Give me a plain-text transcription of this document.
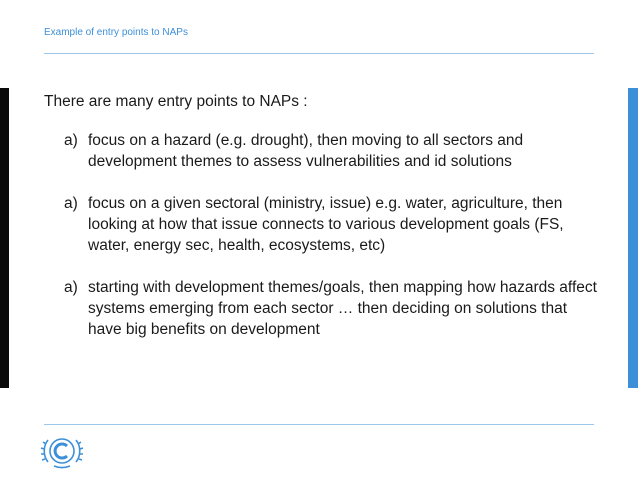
Example of entry points to NAPs

There are many entry points to NAPs :

a) focus on a hazard (e.g. drought), then moving to all sectors and development themes to assess vulnerabilities and id solutions
a) focus on a given sectoral (ministry, issue) e.g. water, agriculture, then looking at how that issue connects to various development goals (FS, water, energy sec, health, ecosystems, etc)
a) starting with development themes/goals, then mapping how hazards affect systems emerging from each sector … then deciding on solutions that have big benefits on development
